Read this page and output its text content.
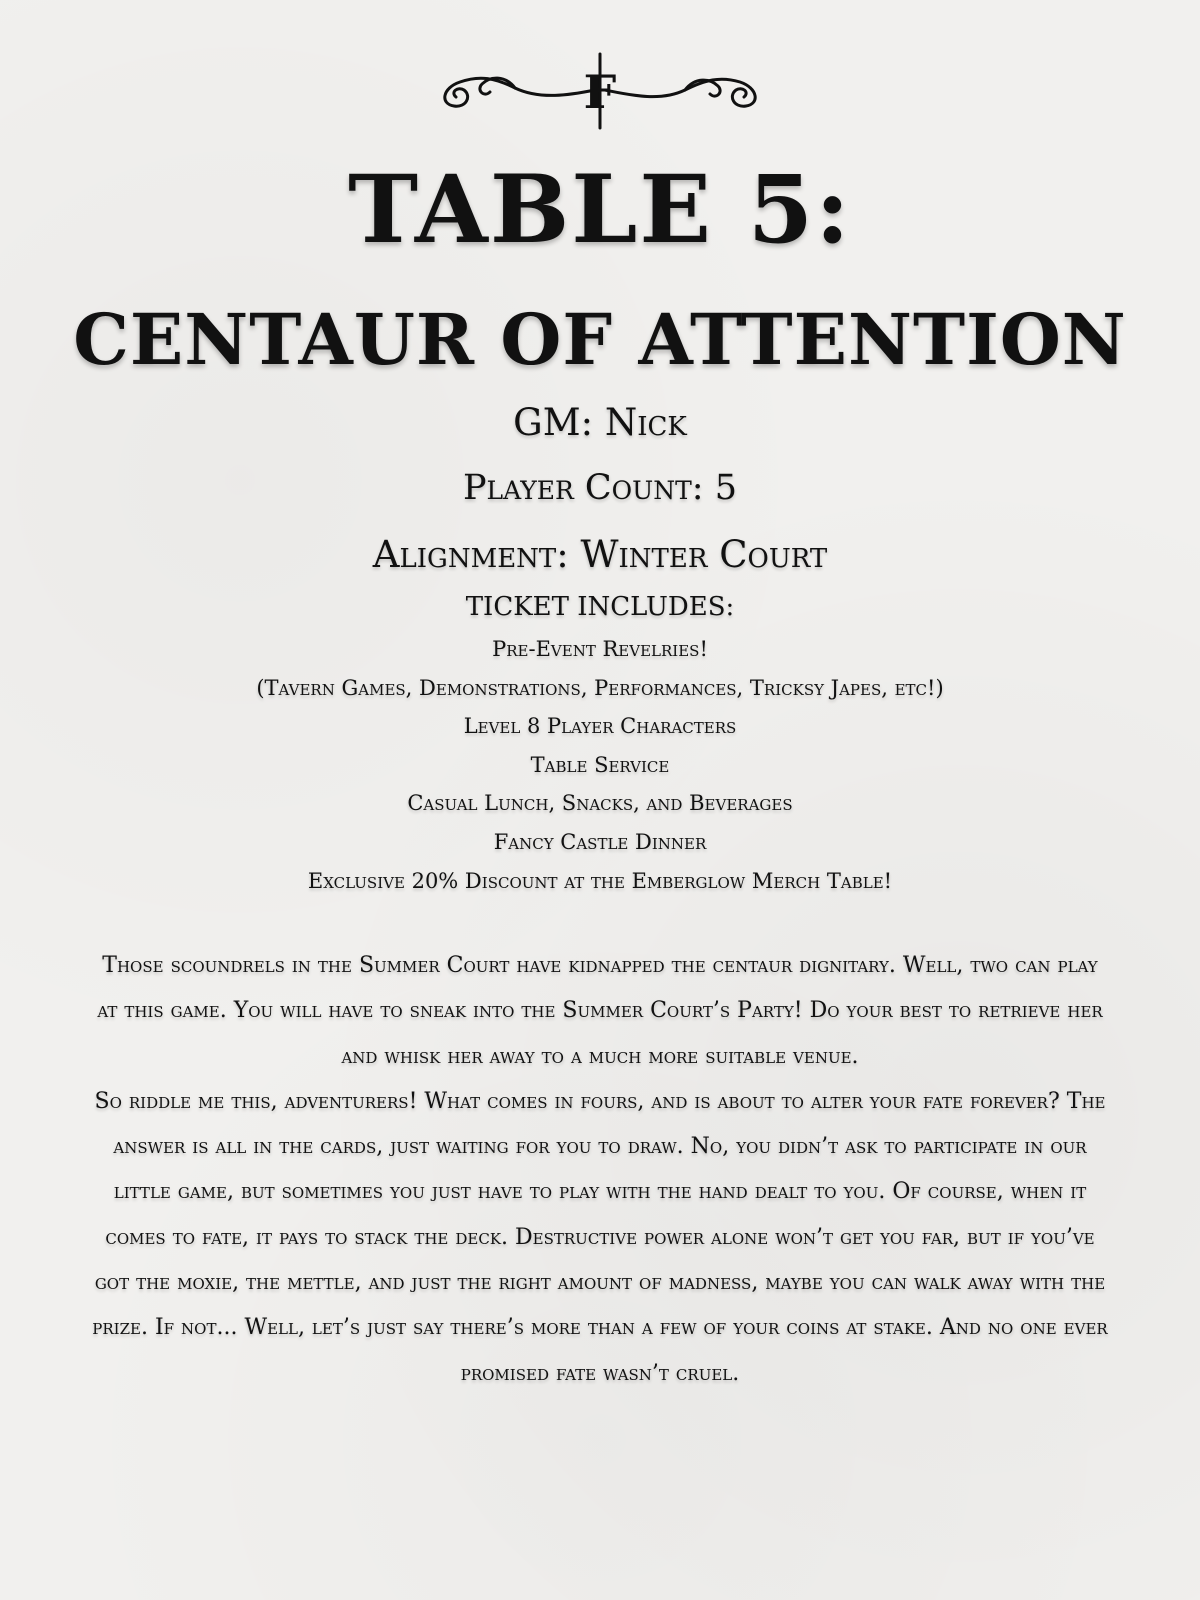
F
TABLE 5:
CENTAUR OF ATTENTION
GM: Nick
Player Count: 5
Alignment: Winter Court
TICKET INCLUDES:
Pre-Event Revelries!
(Tavern Games, Demonstrations, Performances, Tricksy Japes, etc!)
Level 8 Player Characters
Table Service
Casual Lunch, Snacks, and Beverages
Fancy Castle Dinner
Exclusive 20% Discount at the Emberglow Merch Table!

Those scoundrels in the Summer Court have kidnapped the centaur dignitary. Well, two can play at this game. You will have to sneak into the Summer Court’s Party! Do your best to retrieve her and whisk her away to a much more suitable venue.

So riddle me this, adventurers! What comes in fours, and is about to alter your fate forever? The answer is all in the cards, just waiting for you to draw. No, you didn’t ask to participate in our little game, but sometimes you just have to play with the hand dealt to you. Of course, when it comes to fate, it pays to stack the deck. Destructive power alone won’t get you far, but if you’ve got the moxie, the mettle, and just the right amount of madness, maybe you can walk away with the prize. If not... Well, let’s just say there’s more than a few of your coins at stake. And no one ever promised fate wasn’t cruel.
